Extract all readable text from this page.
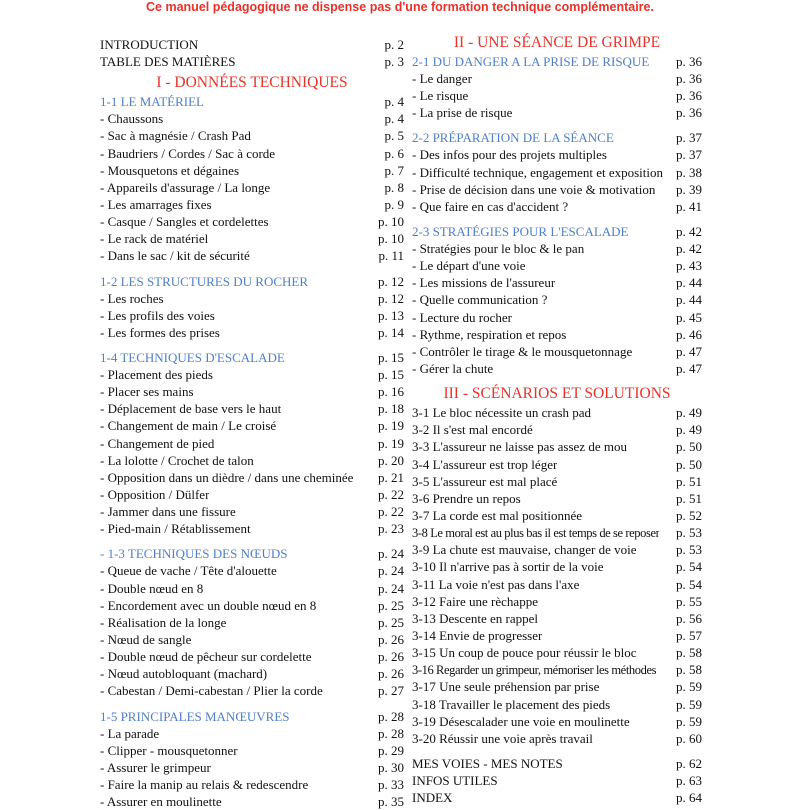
Ce manuel pédagogique ne dispense pas d'une formation technique complémentaire.
INTRODUCTION	p. 2
TABLE DES MATIÈRES	p. 3
I - DONNÉES TECHNIQUES
1-1 LE MATÉRIEL	p. 4
- Chaussons	p. 4
- Sac à magnésie / Crash Pad	p. 5
- Baudriers / Cordes / Sac à corde	p. 6
- Mousquetons et dégaines	p. 7
- Appareils d'assurage / La longe	p. 8
- Les amarrages fixes	p. 9
- Casque / Sangles et cordelettes	p. 10
- Le rack de matériel	p. 10
- Dans le sac / kit de sécurité	p. 11
1-2 LES STRUCTURES DU ROCHER	p. 12
- Les roches	p. 12
- Les profils des voies	p. 13
- Les formes des prises	p. 14
1-4 TECHNIQUES D'ESCALADE	p. 15
- Placement des pieds	p. 15
- Placer ses mains	p. 16
- Déplacement de base vers le haut	p. 18
- Changement de main / Le croisé	p. 19
- Changement de pied	p. 19
- La lolotte / Crochet de talon	p. 20
- Opposition dans un dièdre / dans une cheminée	p. 21
- Opposition / Dülfer	p. 22
- Jammer dans une fissure	p. 22
- Pied-main / Rétablissement	p. 23
- 1-3 TECHNIQUES DES NŒUDS	p. 24
- Queue de vache / Tête d'alouette	p. 24
- Double nœud en 8	p. 24
- Encordement avec un double nœud en 8	p. 25
- Réalisation de la longe	p. 25
- Nœud de sangle	p. 26
- Double nœud de pêcheur sur cordelette	p. 26
- Nœud autobloquant (machard)	p. 26
- Cabestan / Demi-cabestan / Plier la corde	p. 27
1-5 PRINCIPALES MANŒUVRES	p. 28
- La parade	p. 28
- Clipper - mousquetonner	p. 29
- Assurer le grimpeur	p. 30
- Faire la manip au relais & redescendre	p. 33
- Assurer en moulinette	p. 35
II - UNE SÉANCE DE GRIMPE
2-1 DU DANGER A LA PRISE DE RISQUE p. 36
- Le danger	p. 36
- Le risque	p. 36
- La prise de risque	p. 36
2-2 PRÉPARATION DE LA SÉANCE	p. 37
- Des infos pour des projets multiples	p. 37
- Difficulté technique, engagement et exposition p. 38
- Prise de décision dans une voie & motivation	p. 39
- Que faire en cas d'accident ?	p. 41
2-3 STRATÉGIES POUR L'ESCALADE	p. 42
- Stratégies pour le bloc & le pan	p. 42
- Le départ d'une voie	p. 43
- Les missions de l'assureur	p. 44
- Quelle communication ?	p. 44
- Lecture du rocher	p. 45
- Rythme, respiration et repos	p. 46
- Contrôler le tirage & le mousquetonnage	p. 47
- Gérer la chute	p. 47
III - SCÉNARIOS ET SOLUTIONS
3-1 Le bloc nécessite un crash pad	p. 49
3-2 Il s'est mal encordé	p. 49
3-3 L'assureur ne laisse pas assez de mou	p. 50
3-4 L'assureur est trop léger	p. 50
3-5 L'assureur est mal placé	p. 51
3-6 Prendre un repos	p. 51
3-7 La corde est mal positionnée	p. 52
3-8 Le moral est au plus bas il est temps de se reposer	p. 53
3-9 La chute est mauvaise, changer de voie	p. 53
3-10 Il n'arrive pas à sortir de la voie	p. 54
3-11 La voie n'est pas dans l'axe	p. 54
3-12 Faire une rèchappe	p. 55
3-13 Descente en rappel	p. 56
3-14 Envie de progresser	p. 57
3-15 Un coup de pouce pour réussir le bloc	p. 58
3-16 Regarder un grimpeur, mémoriser les méthodes	p. 58
3-17 Une seule préhension par prise	p. 59
3-18 Travailler le placement des pieds	p. 59
3-19 Désescalader une voie en moulinette	p. 59
3-20 Réussir une voie après travail	p. 60
MES VOIES - MES NOTES	p. 62
INFOS UTILES	p. 63
INDEX	p. 64
